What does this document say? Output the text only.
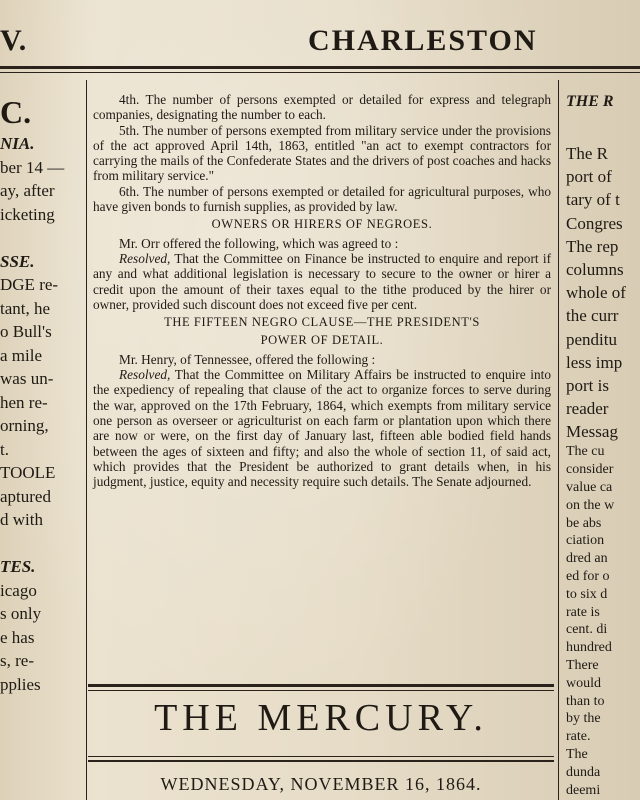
V.	CHARLESTON
C.
NIA.
ber 14 —
ay, after
icketing
SSE.
DGE re-
tant, he
o Bull's
a mile
was un-
hen re-
orning,
t.
TOOLE
aptured
d with
TES.
icago
s only
e has
s, re-
pplies

4th. The number of persons exempted or detailed for express and telegraph companies, designating the number to each.

5th. The number of persons exempted from military service under the provisions of the act approved April 14th, 1863, entitled "an act to exempt contractors for carrying the mails of the Confederate States and the drivers of post coaches and hacks from military service."

6th. The number of persons exempted or detailed for agricultural purposes, who have given bonds to furnish supplies, as provided by law.

OWNERS OR HIRERS OF NEGROES.

Mr. Orr offered the following, which was agreed to :

Resolved, That the Committee on Finance be instructed to enquire and report if any and what additional legislation is necessary to secure to the owner or hirer a credit upon the amount of their taxes equal to the tithe produced by the hirer or owner, provided such discount does not exceed five per cent.

THE FIFTEEN NEGRO CLAUSE—THE PRESIDENT'S

POWER OF DETAIL.

Mr. Henry, of Tennessee, offered the following :

Resolved, That the Committee on Military Affairs be instructed to enquire into the expediency of repealing that clause of the act to organize forces to serve during the war, approved on the 17th February, 1864, which exempts from military service one person as overseer or agriculturist on each farm or plantation upon which there are now or were, on the first day of January last, fifteen able bodied field hands between the ages of sixteen and fifty; and also the whole of section 11, of said act, which provides that the President be authorized to grant details when, in his judgment, justice, equity and necessity require such details. The Senate adjourned.

THE MERCURY.
WEDNESDAY, NOVEMBER 16, 1864.
THE R
The R
port of
tary of t
Congres
The rep
columns
whole of
the curr
penditu
less imp
port is
reader
Messag
The cu
consider
value ca
on the w
be abs
ciation
dred an
ed for o
to six d
rate is
cent. di
hundred
There
would
than to
by the
rate.
The
dunda
deemi
